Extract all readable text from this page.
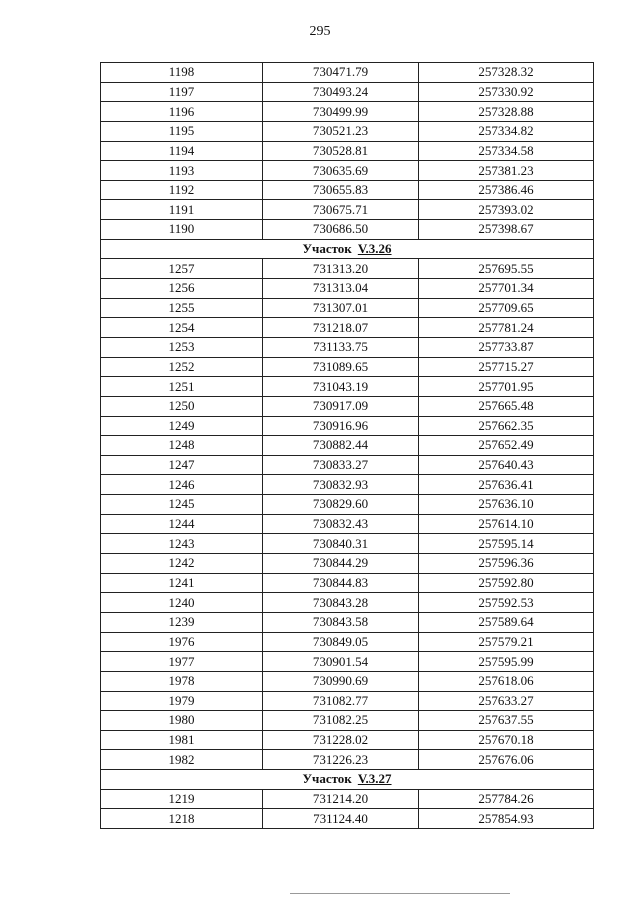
295
1198	730471.79	257328.32
1197	730493.24	257330.92
1196	730499.99	257328.88
1195	730521.23	257334.82
1194	730528.81	257334.58
1193	730635.69	257381.23
1192	730655.83	257386.46
1191	730675.71	257393.02
1190	730686.50	257398.67
Участок V.3.26		
1257	731313.20	257695.55
1256	731313.04	257701.34
1255	731307.01	257709.65
1254	731218.07	257781.24
1253	731133.75	257733.87
1252	731089.65	257715.27
1251	731043.19	257701.95
1250	730917.09	257665.48
1249	730916.96	257662.35
1248	730882.44	257652.49
1247	730833.27	257640.43
1246	730832.93	257636.41
1245	730829.60	257636.10
1244	730832.43	257614.10
1243	730840.31	257595.14
1242	730844.29	257596.36
1241	730844.83	257592.80
1240	730843.28	257592.53
1239	730843.58	257589.64
1976	730849.05	257579.21
1977	730901.54	257595.99
1978	730990.69	257618.06
1979	731082.77	257633.27
1980	731082.25	257637.55
1981	731228.02	257670.18
1982	731226.23	257676.06
Участок V.3.27		
1219	731214.20	257784.26
1218	731124.40	257854.93
